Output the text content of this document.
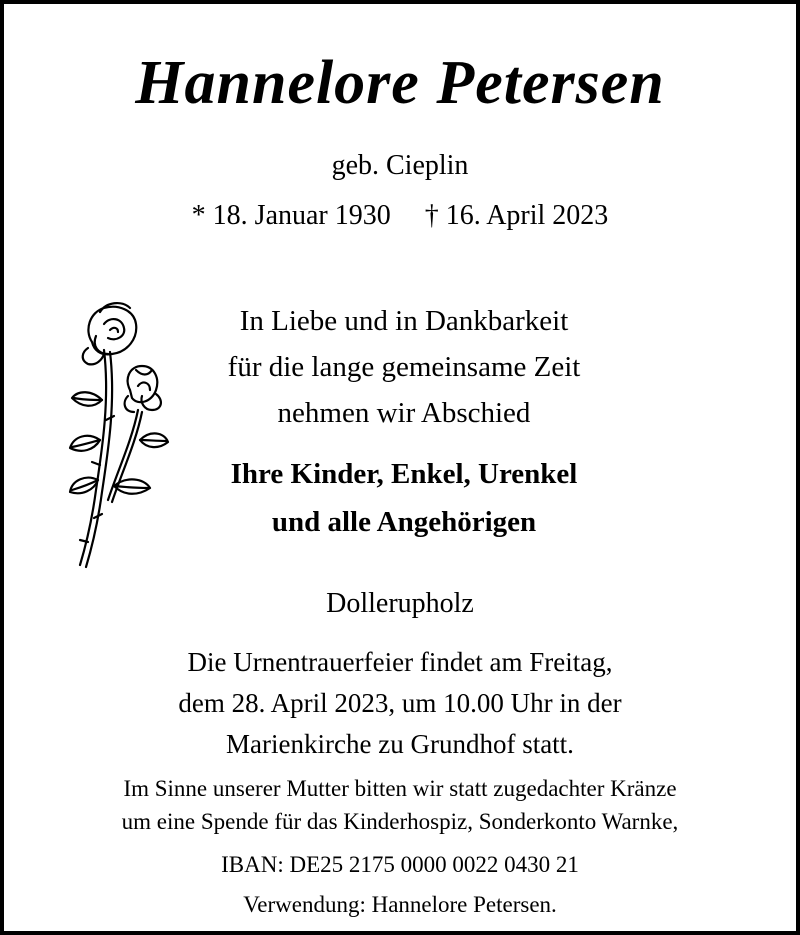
Hannelore Petersen
geb. Cieplin
* 18. Januar 1930 † 16. April 2023
In Liebe und in Dankbarkeit
für die lange gemeinsame Zeit
nehmen wir Abschied
Ihre Kinder, Enkel, Urenkel
und alle Angehörigen
Dollerupholz
Die Urnentrauerfeier findet am Freitag,
dem 28. April 2023, um 10.00 Uhr in der
Marienkirche zu Grundhof statt.
Im Sinne unserer Mutter bitten wir statt zugedachter Kränze
um eine Spende für das Kinderhospiz, Sonderkonto Warnke,
IBAN: DE25 2175 0000 0022 0430 21
Verwendung: Hannelore Petersen.
